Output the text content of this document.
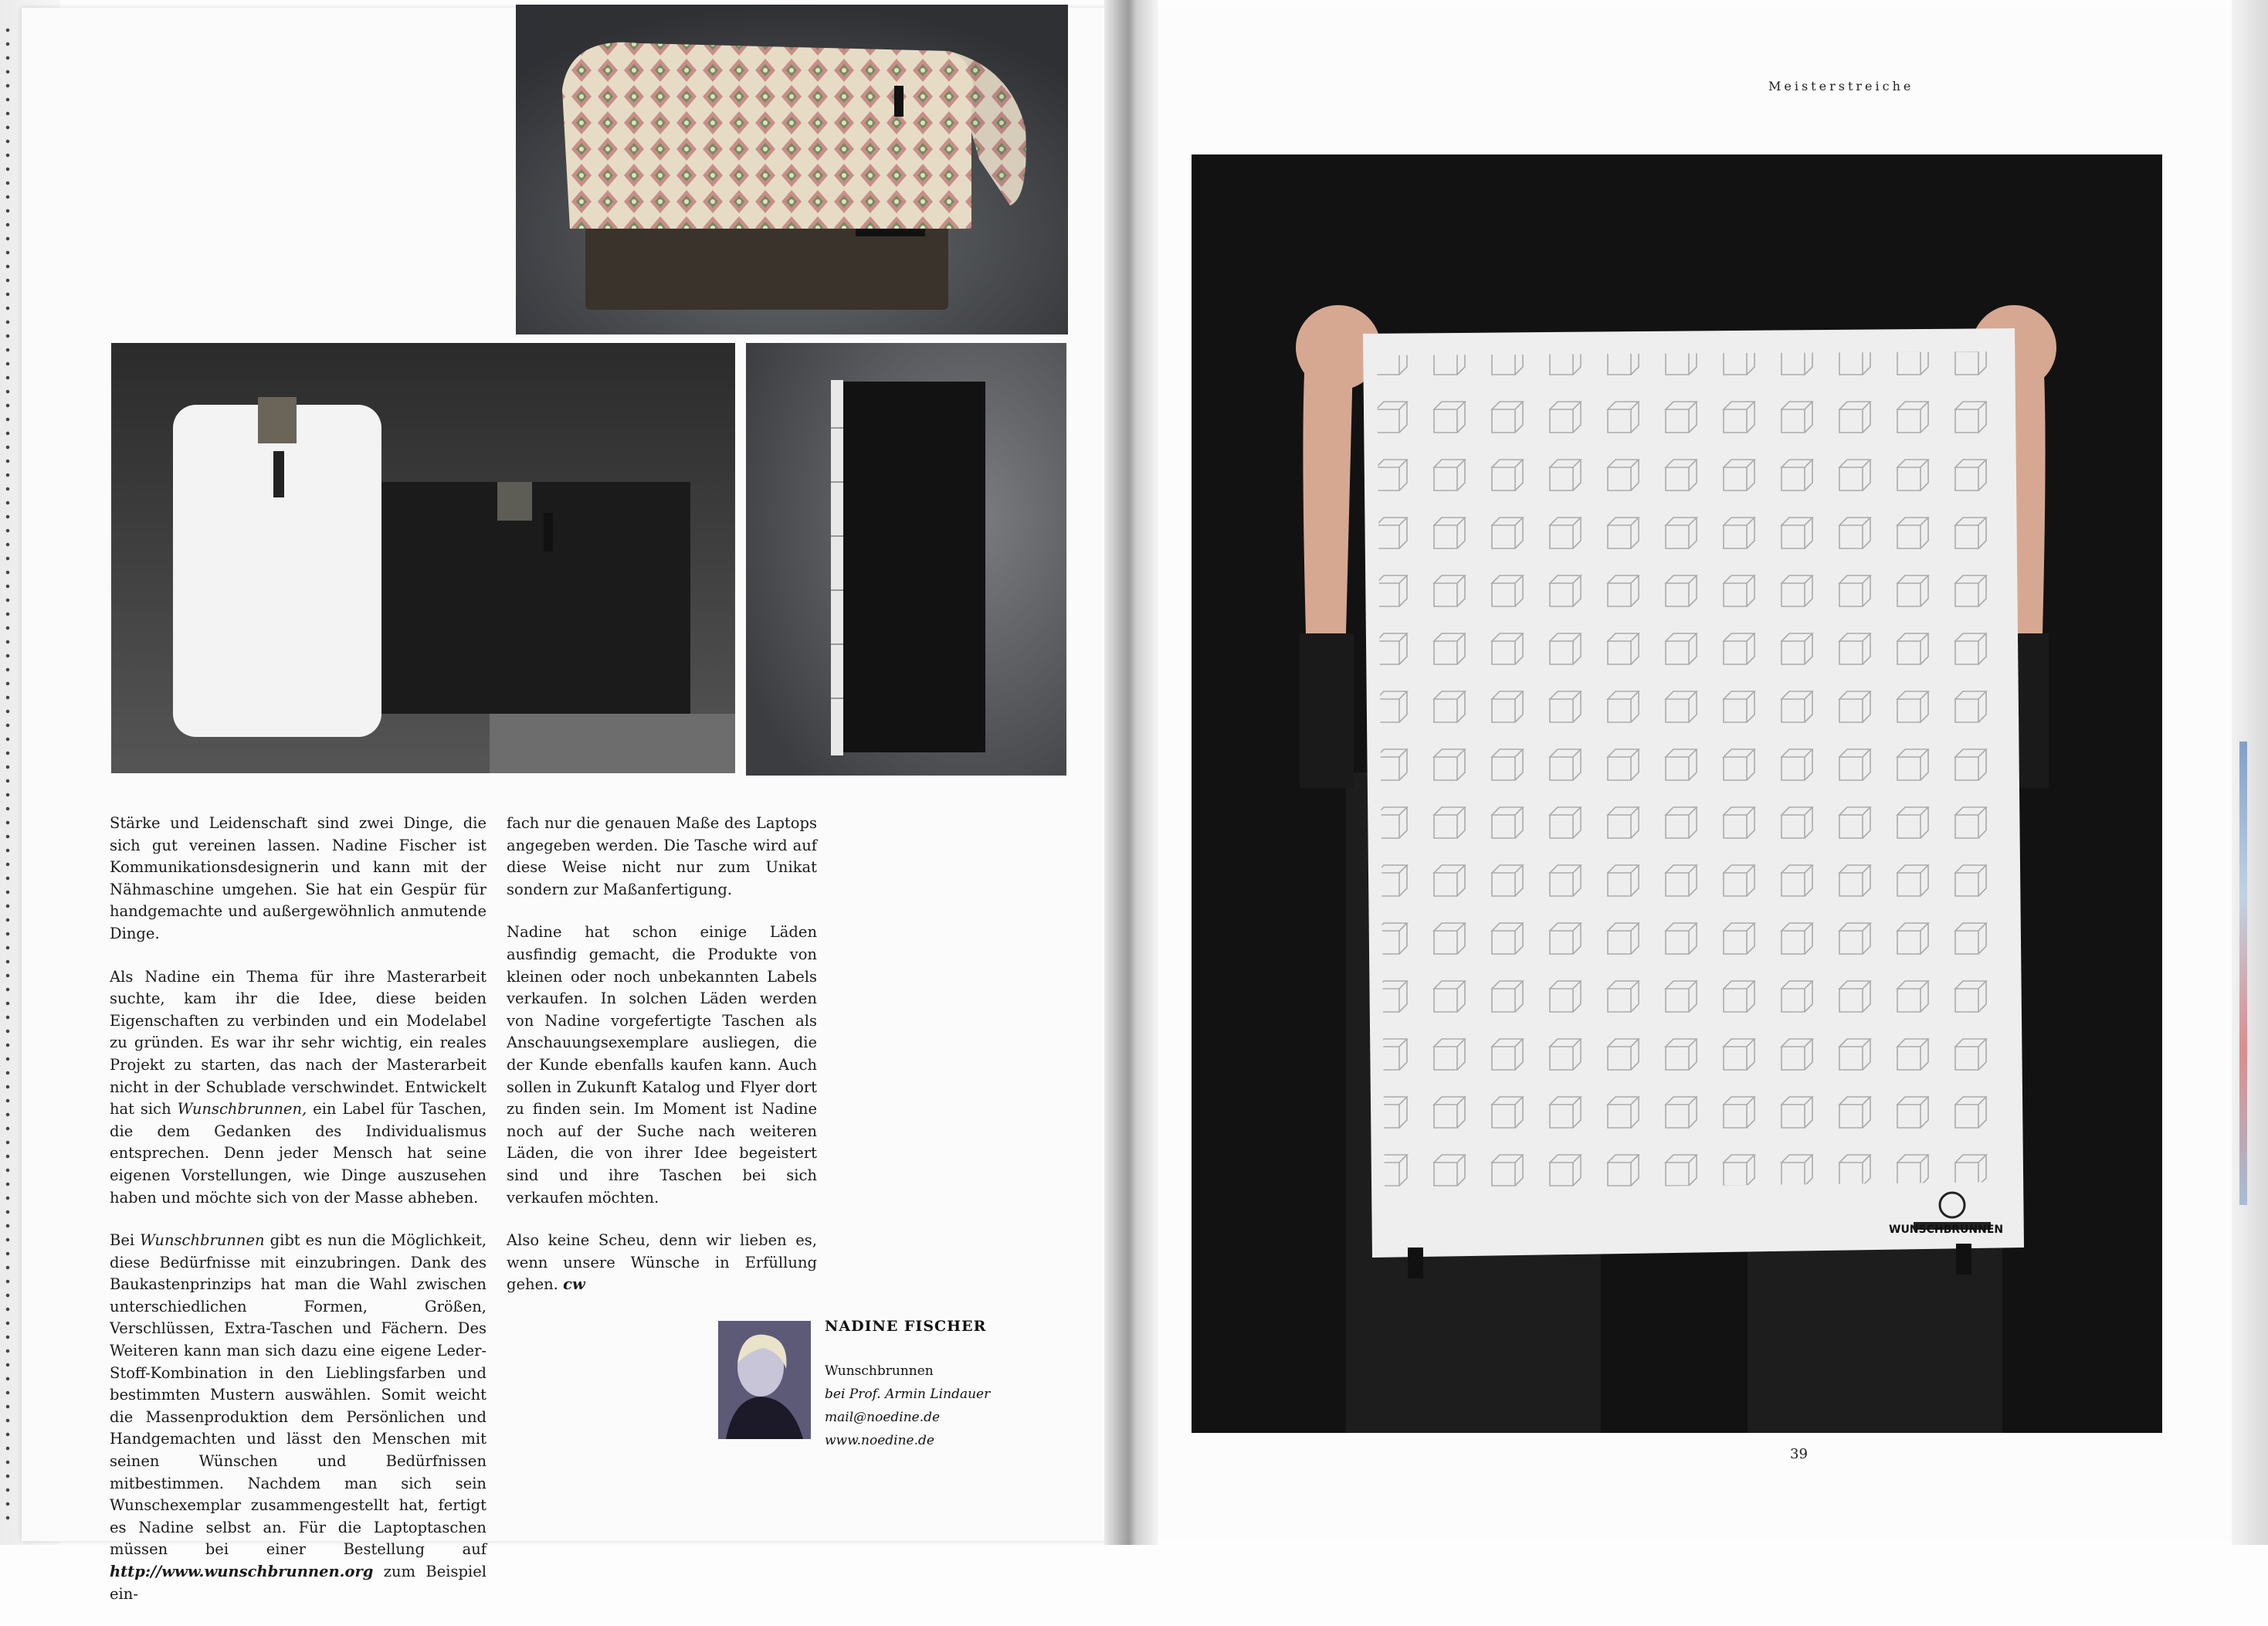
Stärke und Leidenschaft sind zwei Dinge, die sich gut vereinen lassen. Nadine Fischer ist Kommunikationsdesignerin und kann mit der Nähmaschine umgehen. Sie hat ein Gespür für handgemachte und außergewöhnlich anmutende Dinge.

Als Nadine ein Thema für ihre Masterarbeit suchte, kam ihr die Idee, diese beiden Eigenschaften zu verbinden und ein Modelabel zu gründen. Es war ihr sehr wichtig, ein reales Projekt zu starten, das nach der Masterarbeit nicht in der Schublade verschwindet. Entwickelt hat sich Wunschbrunnen, ein Label für Taschen, die dem Gedanken des Individualismus entsprechen. Denn jeder Mensch hat seine eigenen Vorstellungen, wie Dinge auszusehen haben und möchte sich von der Masse abheben.

Bei Wunschbrunnen gibt es nun die Möglichkeit, diese Bedürfnisse mit einzubringen. Dank des Baukastenprinzips hat man die Wahl zwischen unterschiedlichen Formen, Größen, Verschlüssen, Extra-Taschen und Fächern. Des Weiteren kann man sich dazu eine eigene Leder-Stoff-Kombination in den Lieblingsfarben und bestimmten Mustern auswählen. Somit weicht die Massenproduktion dem Persönlichen und Handgemachten und lässt den Menschen mit seinen Wünschen und Bedürfnissen mitbestimmen. Nachdem man sich sein Wunschexemplar zusammengestellt hat, fertigt es Nadine selbst an. Für die Laptoptaschen müssen bei einer Bestellung auf http://www.wunschbrunnen.org zum Beispiel ein-

fach nur die genauen Maße des Laptops angegeben werden. Die Tasche wird auf diese Weise nicht nur zum Unikat sondern zur Maßanfertigung.

Nadine hat schon einige Läden ausfindig gemacht, die Produkte von kleinen oder noch unbekannten Labels verkaufen. In solchen Läden werden von Nadine vorgefertigte Taschen als Anschauungsexemplare ausliegen, die der Kunde ebenfalls kaufen kann. Auch sollen in Zukunft Katalog und Flyer dort zu finden sein. Im Moment ist Nadine noch auf der Suche nach weiteren Läden, die von ihrer Idee begeistert sind und ihre Taschen bei sich verkaufen möchten.

Also keine Scheu, denn wir lieben es, wenn unsere Wünsche in Erfüllung gehen. cw

NADINE FISCHER
Wunschbrunnen
bei Prof. Armin Lindauer
mail@noedine.de
www.noedine.de
Meisterstreiche
WUNSCHBRUNNEN
39
